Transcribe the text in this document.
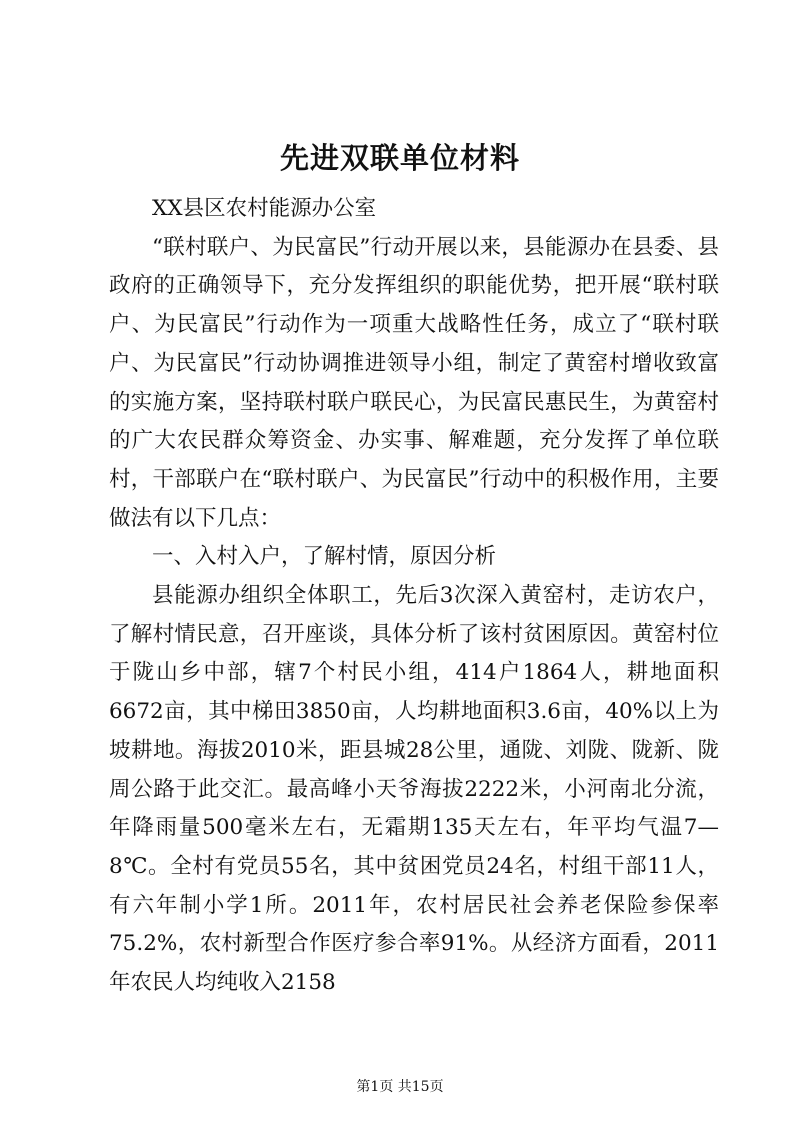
先进双联单位材料

XX县区农村能源办公室

“联村联户、为民富民”行动开展以来，县能源办在县委、县政府的正确领导下，充分发挥组织的职能优势，把开展“联村联户、为民富民”行动作为一项重大战略性任务，成立了“联村联户、为民富民”行动协调推进领导小组，制定了黄窑村增收致富的实施方案，坚持联村联户联民心，为民富民惠民生，为黄窑村的广大农民群众筹资金、办实事、解难题，充分发挥了单位联村，干部联户在“联村联户、为民富民”行动中的积极作用，主要做法有以下几点：

一、入村入户，了解村情，原因分析

县能源办组织全体职工，先后3次深入黄窑村，走访农户，了解村情民意，召开座谈，具体分析了该村贫困原因。黄窑村位于陇山乡中部，辖7个村民小组，414户1864人，耕地面积6672亩，其中梯田3850亩，人均耕地面积3.6亩，40%以上为坡耕地。海拔2010米，距县城28公里，通陇、刘陇、陇新、陇周公路于此交汇。最高峰小天爷海拔2222米，小河南北分流，年降雨量500毫米左右，无霜期135天左右，年平均气温7—8℃。全村有党员55名，其中贫困党员24名，村组干部11人，有六年制小学1所。2011年，农村居民社会养老保险参保率75.2%，农村新型合作医疗参合率91%。从经济方面看，2011年农民人均纯收入2158

第1页 共15页
